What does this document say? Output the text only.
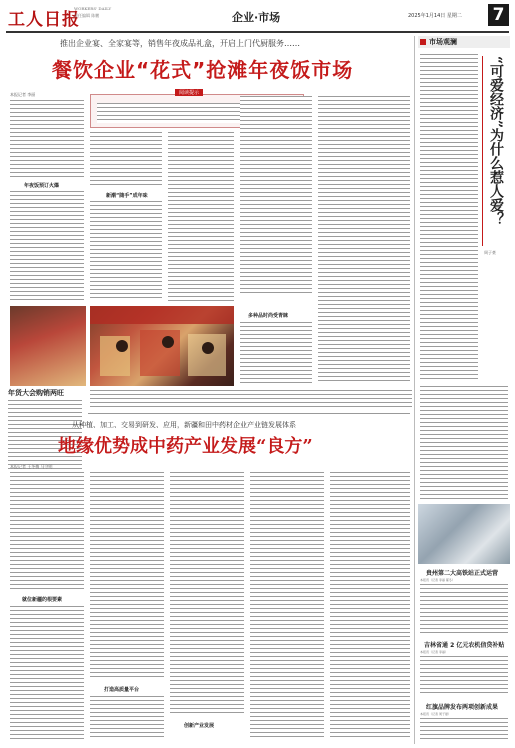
工人日报
WORKERS' DAILY
责任编辑 陈鹏	企业·市场	2025年1月14日 星期二 7
推出企业宴、全家宴等，销售年夜成品礼盒，开启上门代厨服务……
餐饮企业“花式”抢滩年夜饭市场
本报记者 李丽
年夜饭预订火爆
阅读提示
新潮“随手”成年味
多种品时尚受青睐
年货大会购销两旺
从种植、加工、交易到研发、应用，新疆和田中药材企业产业链发展体系
地缘优势成中药产业发展“良方”
本报记者 王冬梅 马守明
就位新疆的根要素
打造高质量平台
创新产业发展
市场观澜
“可爱经济”为什么惹人爱？
周子豪
贵州第二大高铁站正式运营
本报讯（记者 李丽 郝冬）
吉林省通 2 亿元农机信贷补贴
本报讯（记者 李丽）
红旗品牌发布两项创新成果
本报讯（记者 周子豪）
